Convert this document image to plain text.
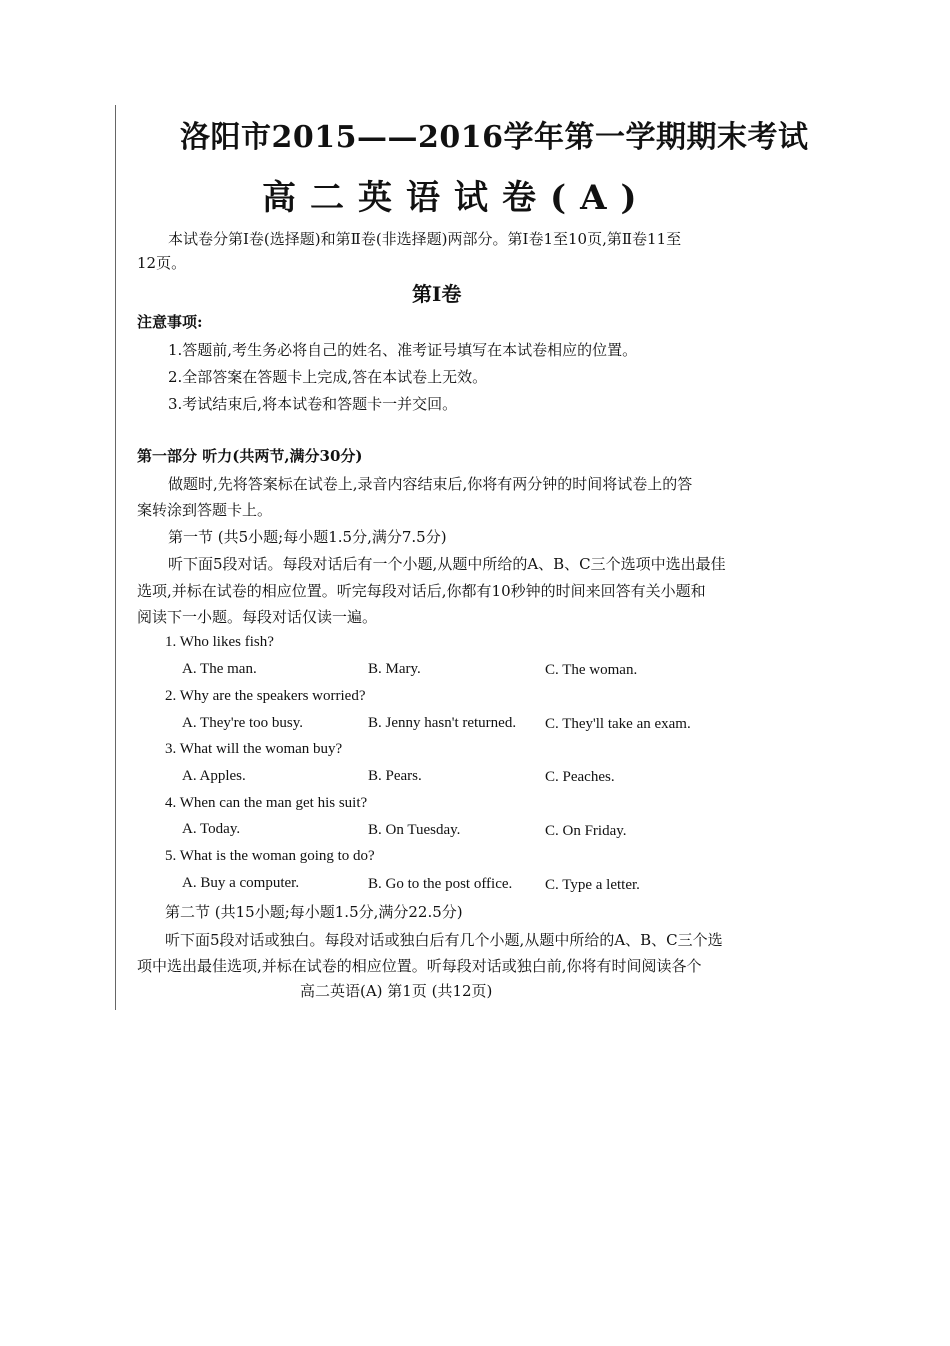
洛阳市2015——2016学年第一学期期末考试
高二英语试卷(A)
本试卷分第Ⅰ卷(选择题)和第Ⅱ卷(非选择题)两部分。第Ⅰ卷1至10页,第Ⅱ卷11至
12页。
第Ⅰ卷
注意事项:
1.答题前,考生务必将自己的姓名、准考证号填写在本试卷相应的位置。
2.全部答案在答题卡上完成,答在本试卷上无效。
3.考试结束后,将本试卷和答题卡一并交回。
第一部分 听力(共两节,满分30分)
做题时,先将答案标在试卷上,录音内容结束后,你将有两分钟的时间将试卷上的答
案转涂到答题卡上。
第一节 (共5小题;每小题1.5分,满分7.5分)
听下面5段对话。每段对话后有一个小题,从题中所给的A、B、C三个选项中选出最佳
选项,并标在试卷的相应位置。听完每段对话后,你都有10秒钟的时间来回答有关小题和
阅读下一小题。每段对话仅读一遍。
1. Who likes fish?
A. The man.	B. Mary.	C. The woman.
2. Why are the speakers worried?
A. They're too busy.	B. Jenny hasn't returned. C. They'll take an exam.
3. What will the woman buy?
A. Apples.	B. Pears.	C. Peaches.
4. When can the man get his suit?
A. Today.	B. On Tuesday.	C. On Friday.
5. What is the woman going to do?
A. Buy a computer.	B. Go to the post office. C. Type a letter.
第二节 (共15小题;每小题1.5分,满分22.5分)
听下面5段对话或独白。每段对话或独白后有几个小题,从题中所给的A、B、C三个选
项中选出最佳选项,并标在试卷的相应位置。听每段对话或独白前,你将有时间阅读各个
高二英语(A) 第1页 (共12页)
